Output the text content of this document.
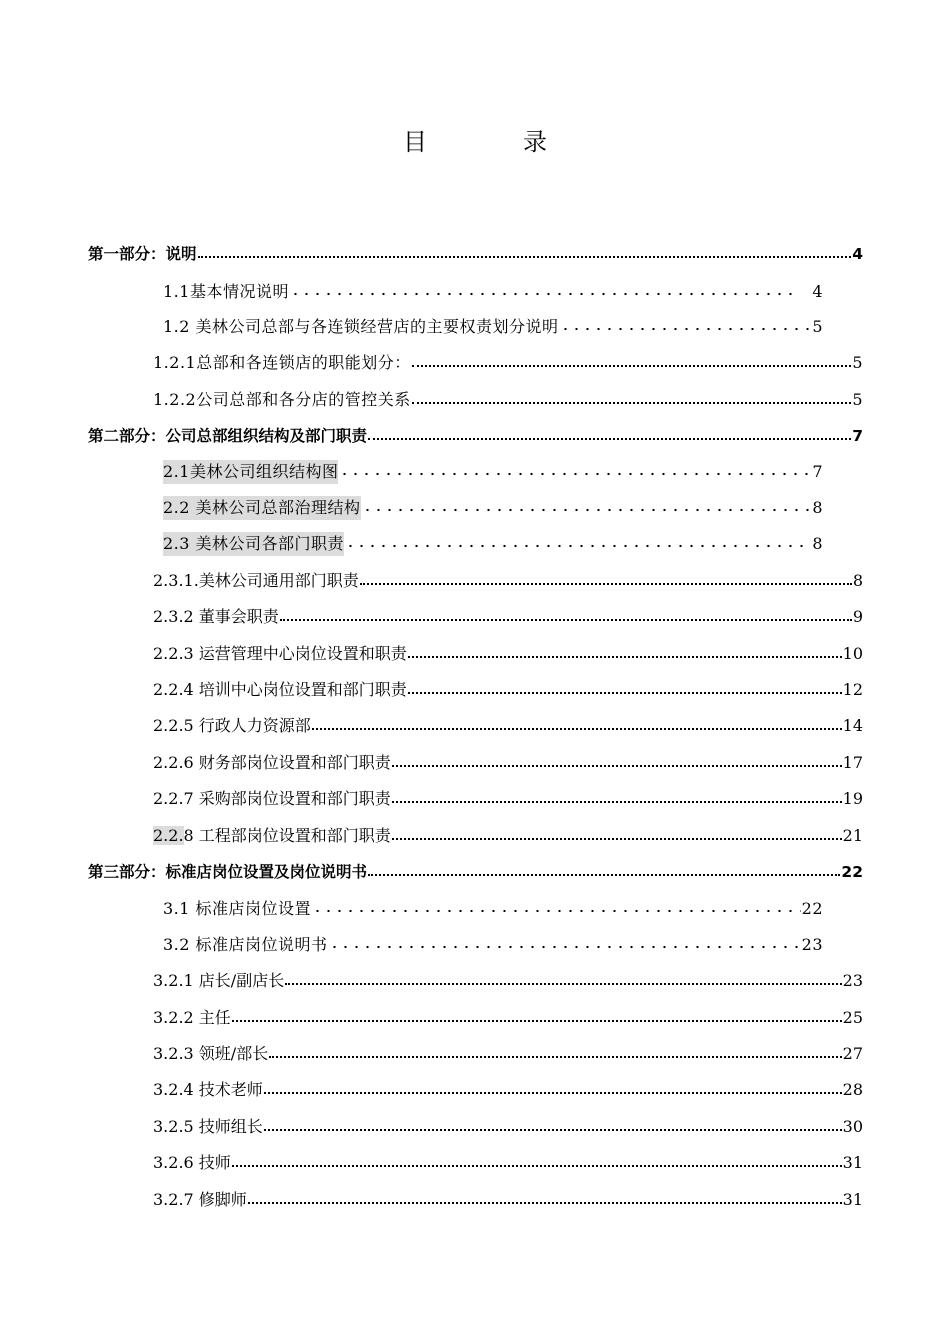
目　录
第一部分：说明	4
1.1基本情况说明	4
1.2 美林公司总部与各连锁经营店的主要权责划分说明	5
1.2.1总部和各连锁店的职能划分：	5
1.2.2公司总部和各分店的管控关系	5
第二部分：公司总部组织结构及部门职责	7
2.1美林公司组织结构图	7
2.2 美林公司总部治理结构	8
2.3 美林公司各部门职责	8
2.3.1.美林公司通用部门职责	8
2.3.2 董事会职责	9
2.2.3 运营管理中心岗位设置和职责	10
2.2.4 培训中心岗位设置和部门职责	12
2.2.5 行政人力资源部	14
2.2.6 财务部岗位设置和部门职责	17
2.2.7 采购部岗位设置和部门职责	19
2.2.8 工程部岗位设置和部门职责	21
第三部分：标准店岗位设置及岗位说明书	22
3.1 标准店岗位设置	22
3.2 标准店岗位说明书	23
3.2.1 店长/副店长	23
3.2.2 主任	25
3.2.3 领班/部长	27
3.2.4 技术老师	28
3.2.5 技师组长	30
3.2.6 技师	31
3.2.7 修脚师	31
